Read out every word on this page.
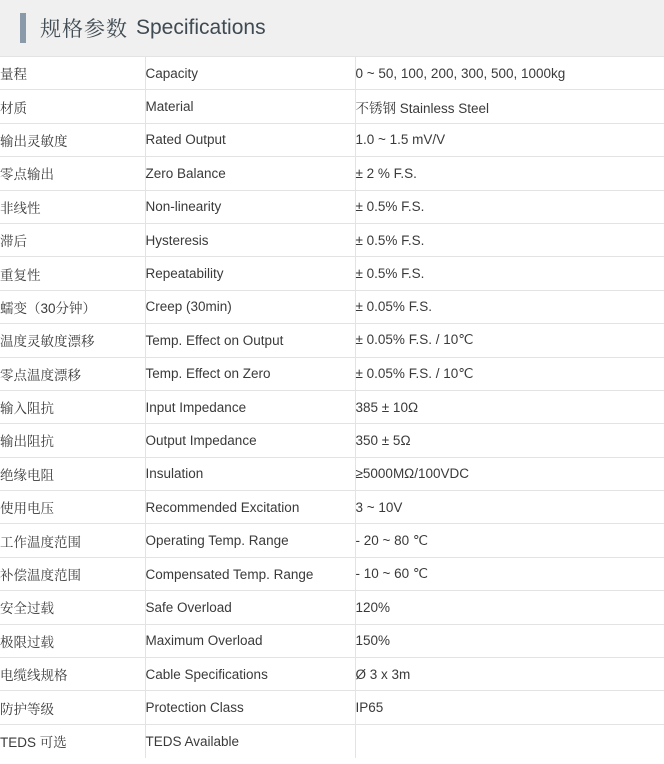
规格参数 Specifications
量程	Capacity	0 ~ 50, 100, 200, 300, 500, 1000kg
材质	Material	不锈钢 Stainless Steel
输出灵敏度	Rated Output	1.0 ~ 1.5 mV/V
零点输出	Zero Balance	± 2 % F.S.
非线性	Non-linearity	± 0.5% F.S.
滞后	Hysteresis	± 0.5% F.S.
重复性	Repeatability	± 0.5% F.S.
蠕变（30分钟）	Creep (30min)	± 0.05% F.S.
温度灵敏度漂移	Temp. Effect on Output	± 0.05% F.S. / 10℃
零点温度漂移	Temp. Effect on Zero	± 0.05% F.S. / 10℃
输入阻抗	Input Impedance	385 ± 10Ω
输出阻抗	Output Impedance	350 ± 5Ω
绝缘电阻	Insulation	≥5000MΩ/100VDC
使用电压	Recommended Excitation	3 ~ 10V
工作温度范围	Operating Temp. Range	- 20 ~ 80 ℃
补偿温度范围	Compensated Temp. Range	- 10 ~ 60 ℃
安全过载	Safe Overload	120%
极限过载	Maximum Overload	150%
电缆线规格	Cable Specifications	Ø 3 x 3m
防护等级	Protection Class	IP65
TEDS 可选	TEDS Available	
